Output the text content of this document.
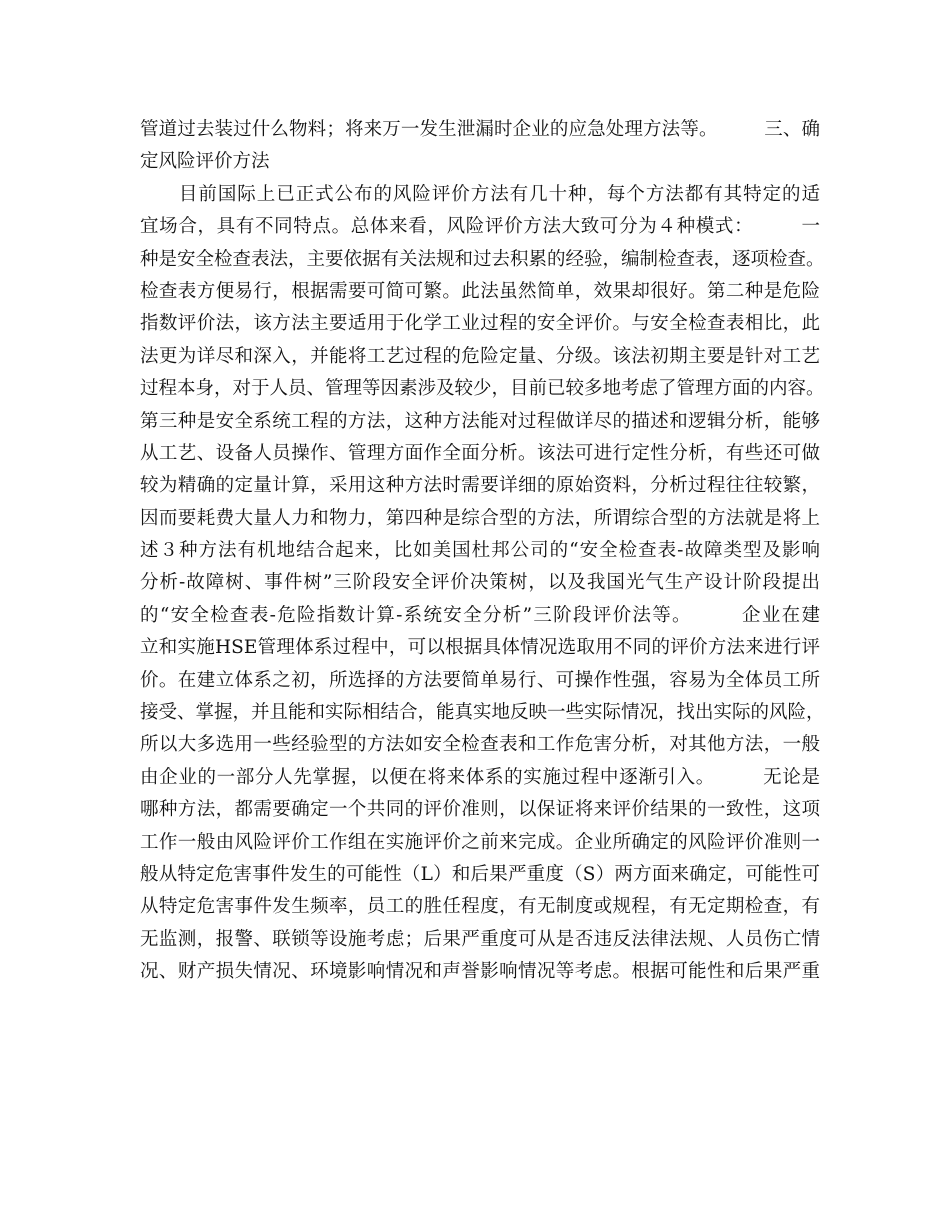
管道过去装过什么物料；将来万一发生泄漏时企业的应急处理方法等。　　　三、确
定风险评价方法
　　目前国际上已正式公布的风险评价方法有几十种，每个方法都有其特定的适
宜场合，具有不同特点。总体来看，风险评价方法大致可分为４种模式：　　　一
种是安全检查表法，主要依据有关法规和过去积累的经验，编制检查表，逐项检查。
检查表方便易行，根据需要可简可繁。此法虽然简单，效果却很好。第二种是危险
指数评价法，该方法主要适用于化学工业过程的安全评价。与安全检查表相比，此
法更为详尽和深入，并能将工艺过程的危险定量、分级。该法初期主要是针对工艺
过程本身，对于人员、管理等因素涉及较少，目前已较多地考虑了管理方面的内容。
第三种是安全系统工程的方法，这种方法能对过程做详尽的描述和逻辑分析，能够
从工艺、设备人员操作、管理方面作全面分析。该法可进行定性分析，有些还可做
较为精确的定量计算，采用这种方法时需要详细的原始资料，分析过程往往较繁，
因而要耗费大量人力和物力，第四种是综合型的方法，所谓综合型的方法就是将上
述３种方法有机地结合起来，比如美国杜邦公司的“安全检查表-故障类型及影响
分析-故障树、事件树”三阶段安全评价决策树，以及我国光气生产设计阶段提出
的“安全检查表-危险指数计算-系统安全分析”三阶段评价法等。　　　企业在建
立和实施HSE管理体系过程中，可以根据具体情况选取用不同的评价方法来进行评
价。在建立体系之初，所选择的方法要简单易行、可操作性强，容易为全体员工所
接受、掌握，并且能和实际相结合，能真实地反映一些实际情况，找出实际的风险，
所以大多选用一些经验型的方法如安全检查表和工作危害分析，对其他方法，一般
由企业的一部分人先掌握，以便在将来体系的实施过程中逐渐引入。　　　无论是
哪种方法，都需要确定一个共同的评价准则，以保证将来评价结果的一致性，这项
工作一般由风险评价工作组在实施评价之前来完成。企业所确定的风险评价准则一
般从特定危害事件发生的可能性（L）和后果严重度（S）两方面来确定，可能性可
从特定危害事件发生频率，员工的胜任程度，有无制度或规程，有无定期检查，有
无监测，报警、联锁等设施考虑；后果严重度可从是否违反法律法规、人员伤亡情
况、财产损失情况、环境影响情况和声誉影响情况等考虑。根据可能性和后果严重
